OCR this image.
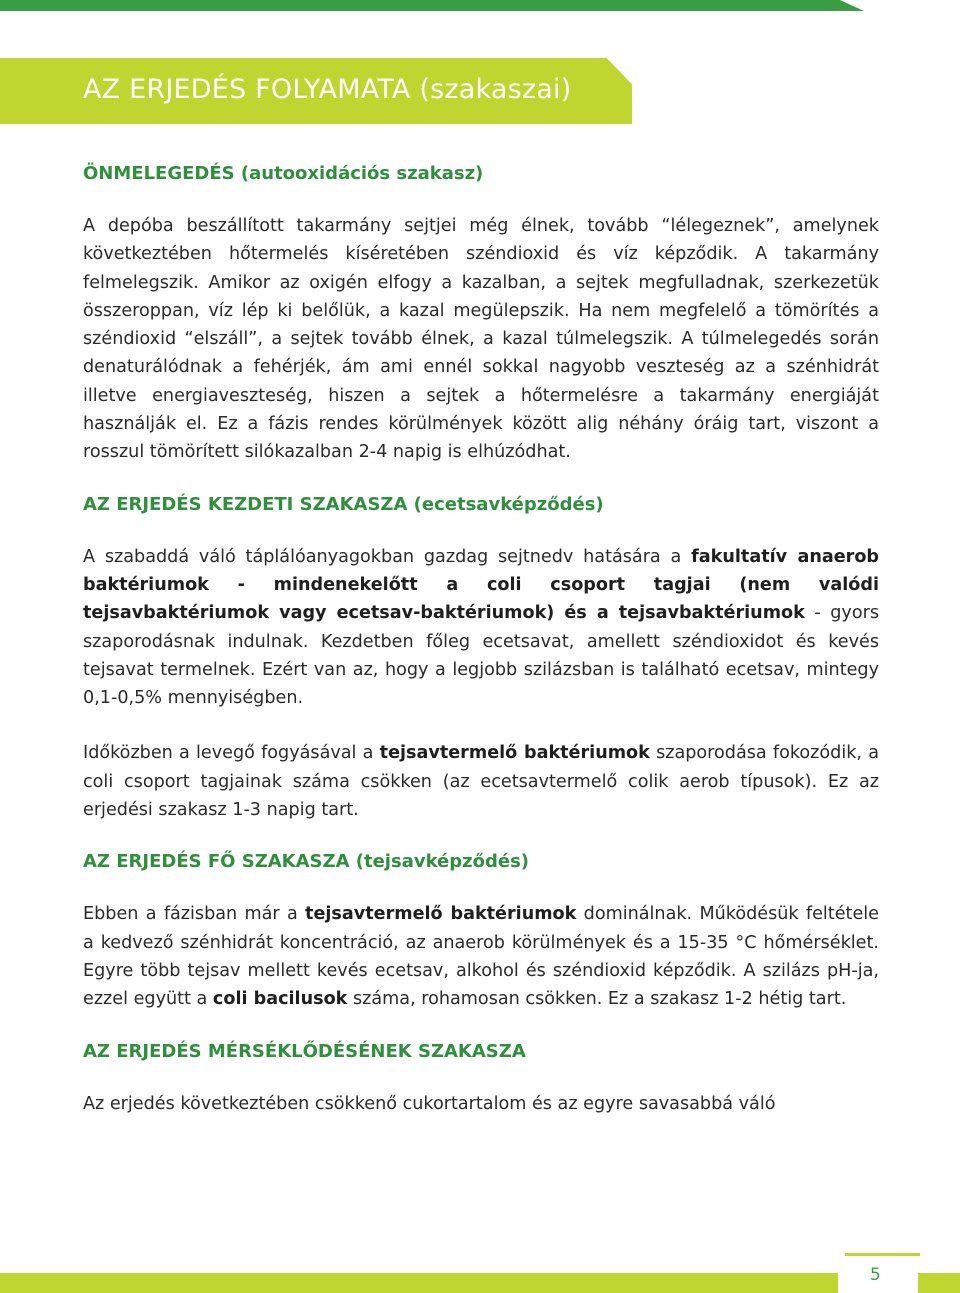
AZ ERJEDÉS FOLYAMATA (szakaszai)
ÖNMELEGEDÉS (autooxidációs szakasz)

A depóba beszállított takarmány sejtjei még élnek, tovább “lélegeznek”, amelynek következtében hőtermelés kíséretében széndioxid és víz képződik. A takarmány felmelegszik. Amikor az oxigén elfogy a kazalban, a sejtek megfulladnak, szerkezetük összeroppan, víz lép ki belőlük, a kazal megülepszik. Ha nem megfelelő a tömörítés a széndioxid “elszáll”, a sejtek tovább élnek, a kazal túlmelegszik. A túlmelegedés során denaturálódnak a fehérjék, ám ami ennél sokkal nagyobb veszteség az a szénhidrát illetve energiaveszteség, hiszen a sejtek a hőtermelésre a takarmány energiáját használják el. Ez a fázis rendes körülmények között alig néhány óráig tart, viszont a rosszul tömörített silókazalban 2-4 napig is elhúzódhat.

AZ ERJEDÉS KEZDETI SZAKASZA (ecetsavképződés)

A szabaddá váló táplálóanyagokban gazdag sejtnedv hatására a fakultatív anaerob baktériumok - mindenekelőtt a coli csoport tagjai (nem valódi tejsavbaktériumok vagy ecetsav-baktériumok) és a tejsavbaktériumok - gyors szaporodásnak indulnak. Kezdetben főleg ecetsavat, amellett széndioxidot és kevés tejsavat termelnek. Ezért van az, hogy a legjobb szilázsban is található ecetsav, mintegy 0,1-0,5% mennyiségben.

Időközben a levegő fogyásával a tejsavtermelő baktériumok szaporodása fokozódik, a coli csoport tagjainak száma csökken (az ecetsavtermelő colik aerob típusok). Ez az erjedési szakasz 1-3 napig tart.

AZ ERJEDÉS FŐ SZAKASZA (tejsavképződés)

Ebben a fázisban már a tejsavtermelő baktériumok dominálnak. Működésük feltétele a kedvező szénhidrát koncentráció, az anaerob körülmények és a 15-35 °C hőmérséklet. Egyre több tejsav mellett kevés ecetsav, alkohol és széndioxid képződik. A szilázs pH-ja, ezzel együtt a coli bacilusok száma, rohamosan csökken. Ez a szakasz 1-2 hétig tart.

AZ ERJEDÉS MÉRSÉKLŐDÉSÉNEK SZAKASZA

Az erjedés következtében csökkenő cukortartalom és az egyre savasabbá váló

5
